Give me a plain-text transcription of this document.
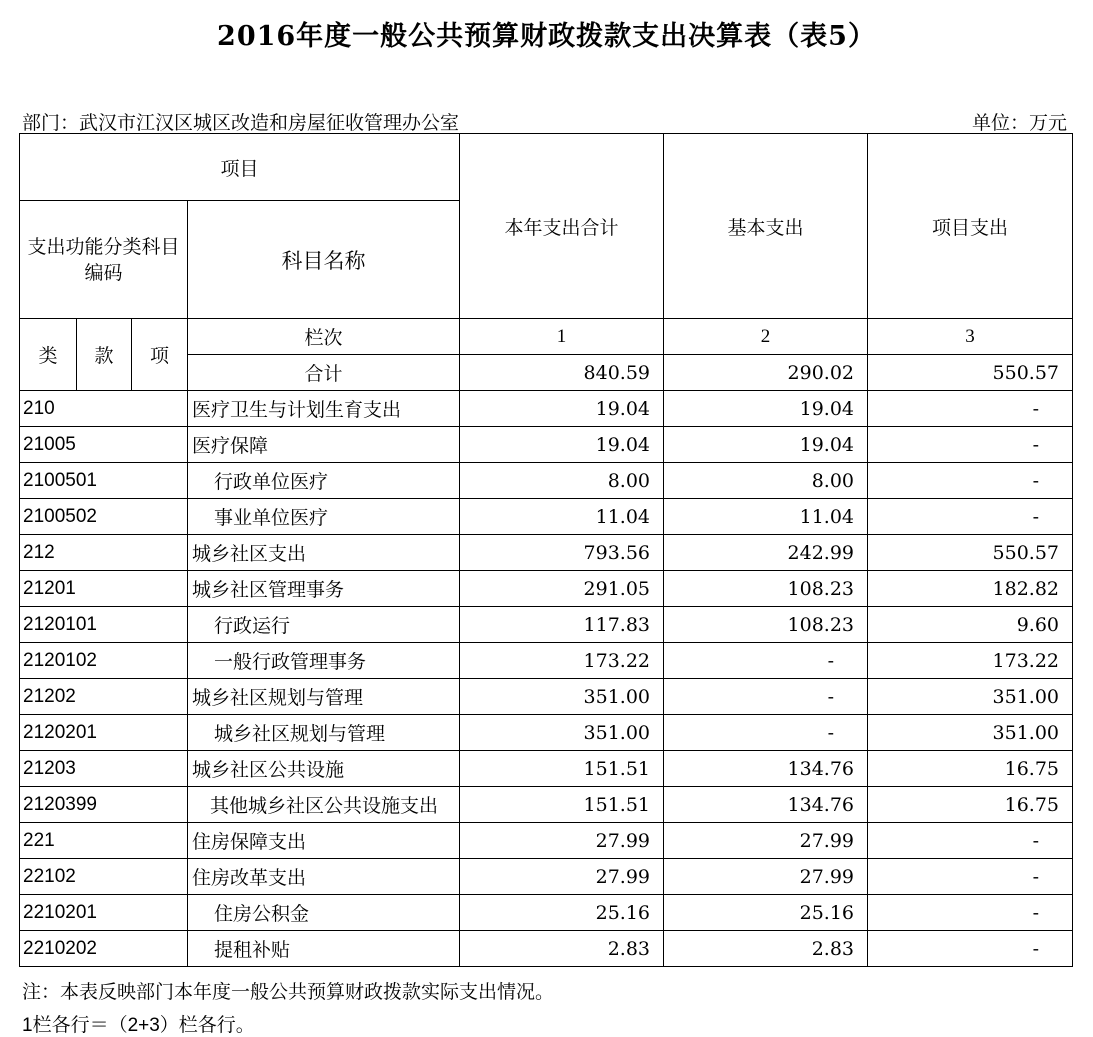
2016年度一般公共预算财政拨款支出决算表（表5）
部门：武汉市江汉区城区改造和房屋征收管理办公室	单位：万元
项目				本年支出合计	基本支出	项目支出
支出功能分类科目编码			科目名称			
类	款	项	栏次	1	2	3
			合计	840.59	290.02	550.57
210			医疗卫生与计划生育支出	19.04	19.04	-
21005			医疗保障	19.04	19.04	-
2100501			行政单位医疗	8.00	8.00	-
2100502			事业单位医疗	11.04	11.04	-
212			城乡社区支出	793.56	242.99	550.57
21201			城乡社区管理事务	291.05	108.23	182.82
2120101			行政运行	117.83	108.23	9.60
2120102			一般行政管理事务	173.22	-	173.22
21202			城乡社区规划与管理	351.00	-	351.00
2120201			城乡社区规划与管理	351.00	-	351.00
21203			城乡社区公共设施	151.51	134.76	16.75
2120399			其他城乡社区公共设施支出	151.51	134.76	16.75
221			住房保障支出	27.99	27.99	-
22102			住房改革支出	27.99	27.99	-
2210201			住房公积金	25.16	25.16	-
2210202			提租补贴	2.83	2.83	-
注：本表反映部门本年度一般公共预算财政拨款实际支出情况。
1栏各行＝（2+3）栏各行。
